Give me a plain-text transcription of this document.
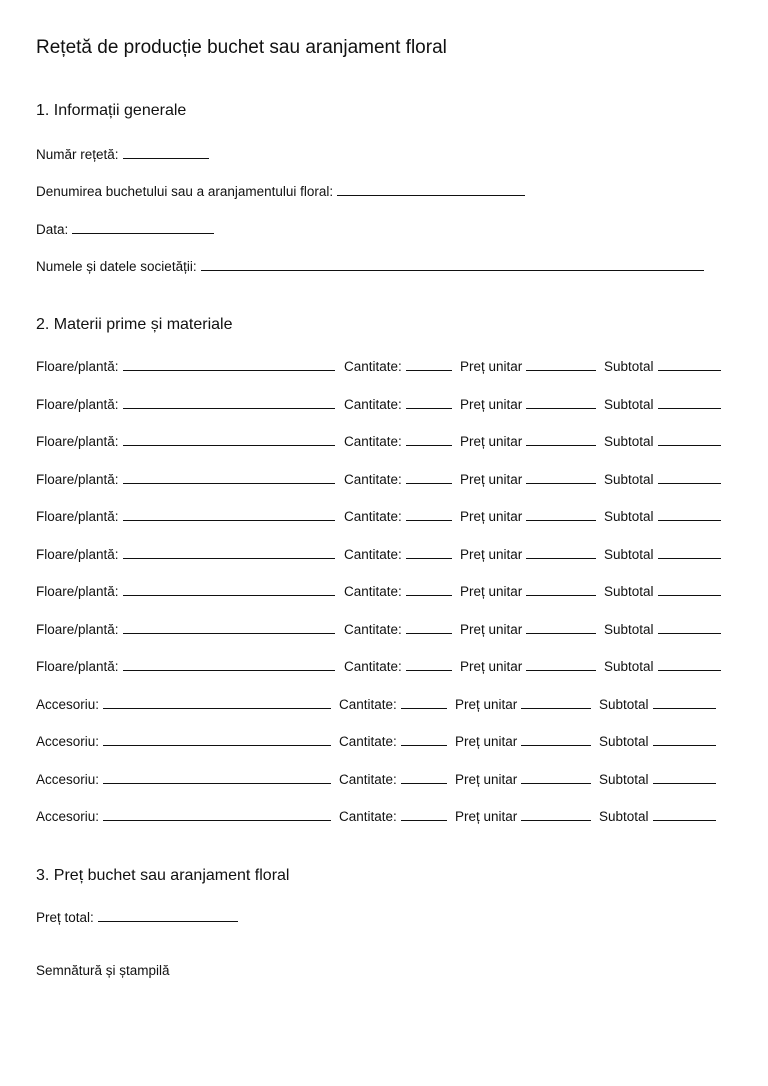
Rețetă de producție buchet sau aranjament floral
1. Informații generale
Număr rețetă:
Denumirea buchetului sau a aranjamentului floral:
Data:
Numele și datele societății:
2. Materii prime și materiale
Floare/plantă:	Cantitate:	Preț unitar	Subtotal
Floare/plantă:	Cantitate:	Preț unitar	Subtotal
Floare/plantă:	Cantitate:	Preț unitar	Subtotal
Floare/plantă:	Cantitate:	Preț unitar	Subtotal
Floare/plantă:	Cantitate:	Preț unitar	Subtotal
Floare/plantă:	Cantitate:	Preț unitar	Subtotal
Floare/plantă:	Cantitate:	Preț unitar	Subtotal
Floare/plantă:	Cantitate:	Preț unitar	Subtotal
Floare/plantă:	Cantitate:	Preț unitar	Subtotal
Accesoriu:	Cantitate:	Preț unitar	Subtotal
Accesoriu:	Cantitate:	Preț unitar	Subtotal
Accesoriu:	Cantitate:	Preț unitar	Subtotal
Accesoriu:	Cantitate:	Preț unitar	Subtotal
3. Preț buchet sau aranjament floral
Preț total:
Semnătură și ștampilă
